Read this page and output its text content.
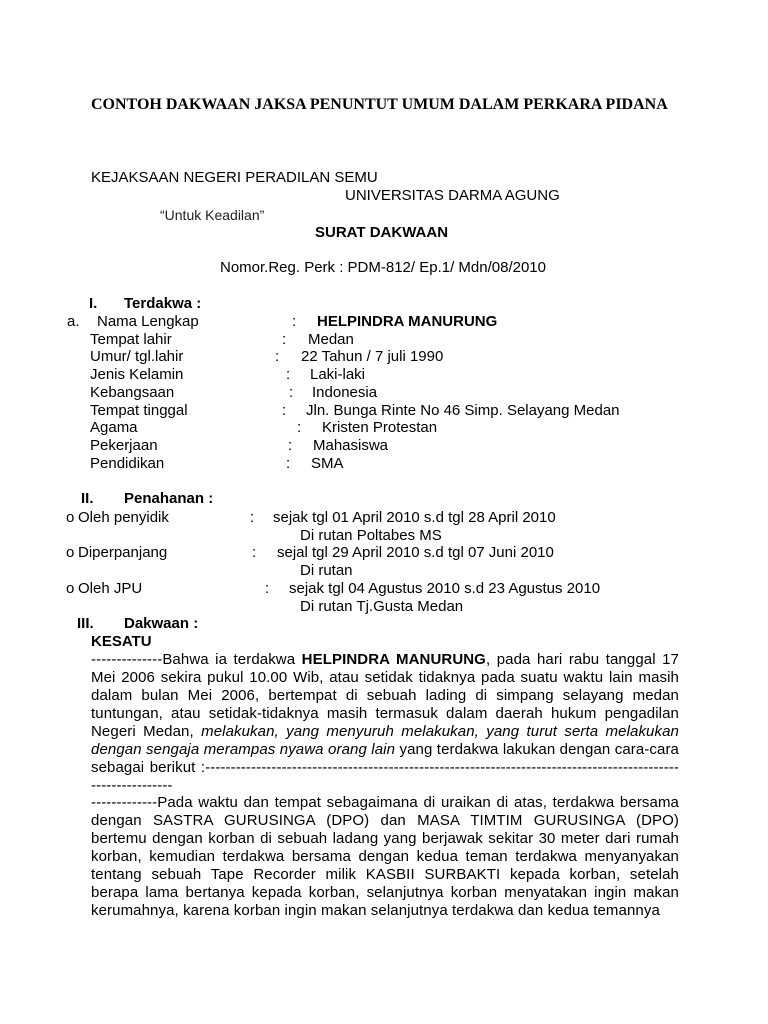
CONTOH DAKWAAN JAKSA PENUNTUT UMUM DALAM PERKARA PIDANA
KEJAKSAAN NEGERI PERADILAN SEMU
UNIVERSITAS DARMA AGUNG
“Untuk Keadilan”
SURAT DAKWAAN
Nomor.Reg. Perk : PDM-812/ Ep.1/ Mdn/08/2010
I. Terdakwa :
a. Nama Lengkap	: HELPINDRA MANURUNG
Tempat lahir	: Medan
Umur/ tgl.lahir	: 22 Tahun / 7 juli 1990
Jenis Kelamin	: Laki-laki
Kebangsaan	: Indonesia
Tempat tinggal	: Jln. Bunga Rinte No 46 Simp. Selayang Medan
Agama	: Kristen Protestan
Pekerjaan	: Mahasiswa
Pendidikan	: SMA
II. Penahanan :
o Oleh penyidik	: sejak tgl 01 April 2010 s.d tgl 28 April 2010
Di rutan Poltabes MS
o Diperpanjang	: sejal tgl 29 April 2010 s.d tgl 07 Juni 2010
Di rutan
o Oleh JPU	: sejak tgl 04 Agustus 2010 s.d 23 Agustus 2010
Di rutan Tj.Gusta Medan
III. Dakwaan :
KESATU
--------------Bahwa ia terdakwa HELPINDRA MANURUNG, pada hari rabu tanggal 17 Mei 2006 sekira pukul 10.00 Wib, atau setidak tidaknya pada suatu waktu lain masih dalam bulan Mei 2006, bertempat di sebuah lading di simpang selayang medan tuntungan, atau setidak-tidaknya masih termasuk dalam daerah hukum pengadilan Negeri Medan, melakukan, yang menyuruh melakukan, yang turut serta melakukan dengan sengaja merampas nyawa orang lain yang terdakwa lakukan dengan cara-cara sebagai berikut :-------------------------------------------------------------------------------------------------------------
-------------Pada waktu dan tempat sebagaimana di uraikan di atas, terdakwa bersama dengan SASTRA GURUSINGA (DPO) dan MASA TIMTIM GURUSINGA (DPO) bertemu dengan korban di sebuah ladang yang berjawak sekitar 30 meter dari rumah korban, kemudian terdakwa bersama dengan kedua teman terdakwa menyanyakan tentang sebuah Tape Recorder milik KASBII SURBAKTI kepada korban, setelah berapa lama bertanya kepada korban, selanjutnya korban menyatakan ingin makan kerumahnya, karena korban ingin makan selanjutnya terdakwa dan kedua temannya
